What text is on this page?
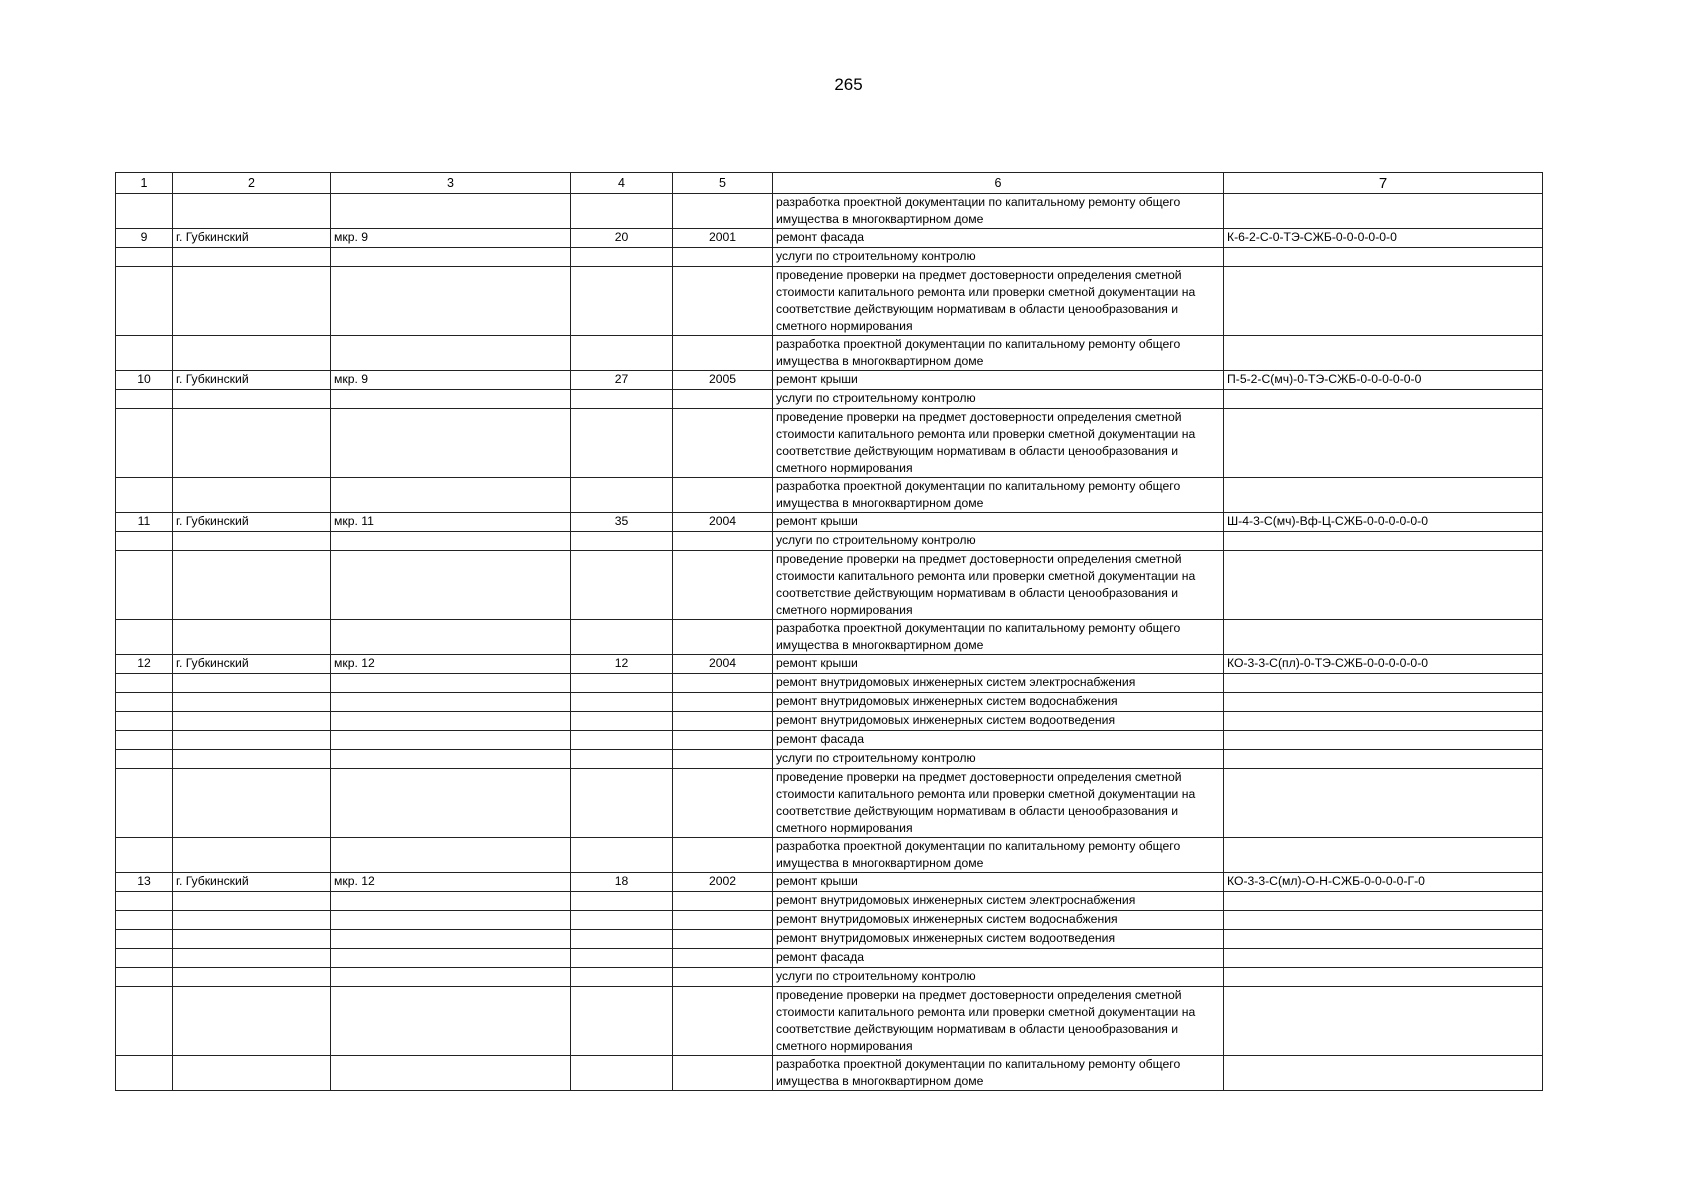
265
1	2	3	4	5	6	7
					разработка проектной документации по капитальному ремонту общего имущества в многоквартирном доме	
9	г. Губкинский	мкр. 9	20	2001	ремонт фасада	К-6-2-С-0-ТЭ-СЖБ-0-0-0-0-0-0
					услуги по строительному контролю	
					проведение проверки на предмет достоверности определения сметной стоимости капитального ремонта или проверки сметной документации на соответствие действующим нормативам в области ценообразования и сметного нормирования	
					разработка проектной документации по капитальному ремонту общего имущества в многоквартирном доме	
10	г. Губкинский	мкр. 9	27	2005	ремонт крыши	П-5-2-С(мч)-0-ТЭ-СЖБ-0-0-0-0-0-0
					услуги по строительному контролю	
					проведение проверки на предмет достоверности определения сметной стоимости капитального ремонта или проверки сметной документации на соответствие действующим нормативам в области ценообразования и сметного нормирования	
					разработка проектной документации по капитальному ремонту общего имущества в многоквартирном доме	
11	г. Губкинский	мкр. 11	35	2004	ремонт крыши	Ш-4-3-С(мч)-Вф-Ц-СЖБ-0-0-0-0-0-0
					услуги по строительному контролю	
					проведение проверки на предмет достоверности определения сметной стоимости капитального ремонта или проверки сметной документации на соответствие действующим нормативам в области ценообразования и сметного нормирования	
					разработка проектной документации по капитальному ремонту общего имущества в многоквартирном доме	
12	г. Губкинский	мкр. 12	12	2004	ремонт крыши	КО-3-3-С(пл)-0-ТЭ-СЖБ-0-0-0-0-0-0
					ремонт внутридомовых инженерных систем электроснабжения	
					ремонт внутридомовых инженерных систем водоснабжения	
					ремонт внутридомовых инженерных систем водоотведения	
					ремонт фасада	
					услуги по строительному контролю	
					проведение проверки на предмет достоверности определения сметной стоимости капитального ремонта или проверки сметной документации на соответствие действующим нормативам в области ценообразования и сметного нормирования	
					разработка проектной документации по капитальному ремонту общего имущества в многоквартирном доме	
13	г. Губкинский	мкр. 12	18	2002	ремонт крыши	КО-3-3-С(мл)-О-Н-СЖБ-0-0-0-0-Г-0
					ремонт внутридомовых инженерных систем электроснабжения	
					ремонт внутридомовых инженерных систем водоснабжения	
					ремонт внутридомовых инженерных систем водоотведения	
					ремонт фасада	
					услуги по строительному контролю	
					проведение проверки на предмет достоверности определения сметной стоимости капитального ремонта или проверки сметной документации на соответствие действующим нормативам в области ценообразования и сметного нормирования	
					разработка проектной документации по капитальному ремонту общего имущества в многоквартирном доме	
